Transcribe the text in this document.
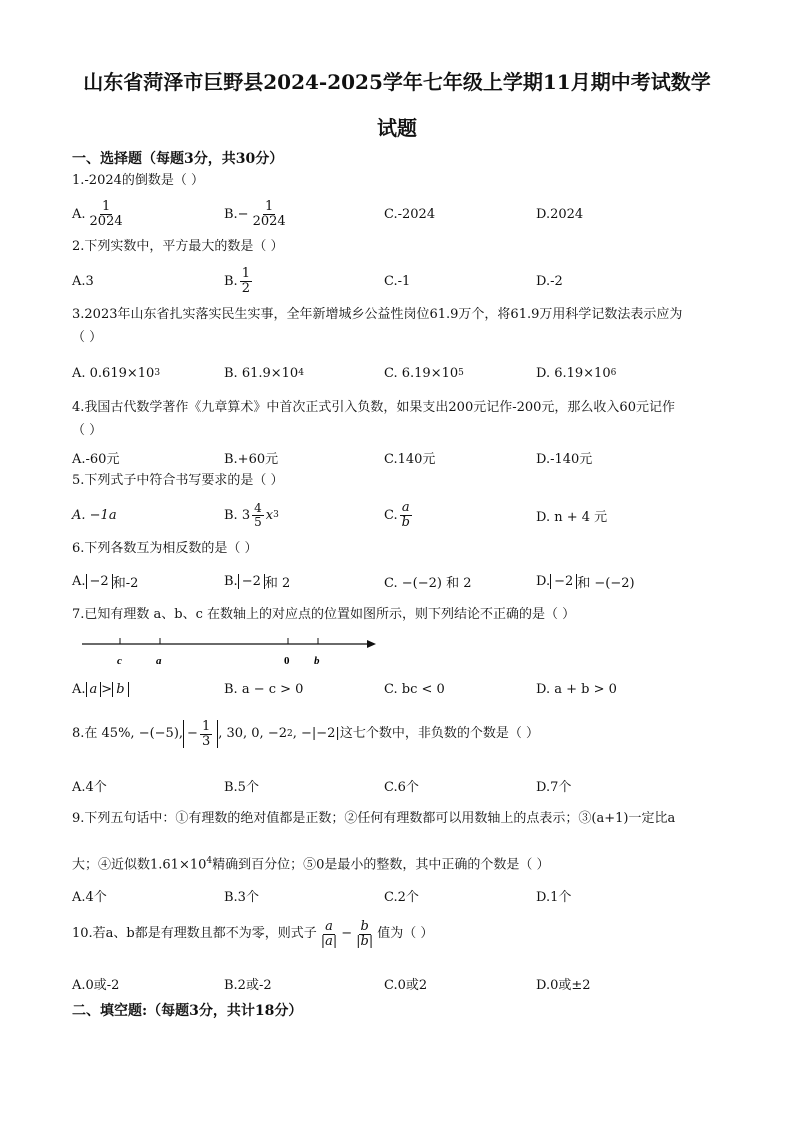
山东省菏泽市巨野县2024-2025学年七年级上学期11月期中考试数学
试题
一、选择题（每题3分，共30分）
1.-2024的倒数是（ ）
A. $\frac{1}{2024}$	$B.- \frac{1}{2024}$	C.-2024	D.2024
2.下列实数中，平方最大的数是（ ）
A.3	B. $\frac{1}{2}$	C.-1	D.-2
3.2023年山东省扎实落实民生实事，全年新增城乡公益性岗位61.9万个，将61.9万用科学记数法表示应为
（ ）
A. 0.619×10 3	B. 61.9×10 4	C. 6.19×10 5	D. 6.19×10 6
4.我国古代数学著作《九章算术》中首次正式引入负数，如果支出200元记作-200元，那么收入60元记作
（ ）
A.-60元	B.+60元	C.140元	D.-140元
5.下列式子中符合书写要求的是（ ）
A. −1a	B. $3 \frac{4}{5}$ x 3	C. $\frac{a}{b}$	D. n + 4 元
6.下列各数互为相反数的是（ ）
A. −2 和-2	B. −2 和 2	C. −(−2) 和 2	D. −2 和 −(−2)
7.已知有理数 a、b、c 在数轴上的对应点的位置如图所示，则下列结论不正确的是（ ）
c	a	0 b
A. a > b	B. a − c > 0	C. bc < 0	D. a + b > 0
8.在 45%, −(−5), − $\frac{1}{3}$ , 30, 0, −2 2 , −|−2|这七个数中，非负数的个数是（ ）
A.4个	B.5个	C.6个	D.7个
9.下列五句话中：①有理数的绝对值都是正数；②任何有理数都可以用数轴上的点表示；③(a+1)一定比a
大；④近似数$1.61\times 10^4$精确到百分位；⑤0是最小的整数，其中正确的个数是（ ）
A.4个	B.3个	C.2个	D.1个
10.若a、b都是有理数且都不为零，则式子 $\frac{a}{|a|} - \frac{b}{|b|}$ 值为（ ）
A.0或-2	B.2或-2	C.0或2	D.0或±2
二、填空题:（每题3分，共计18分）
